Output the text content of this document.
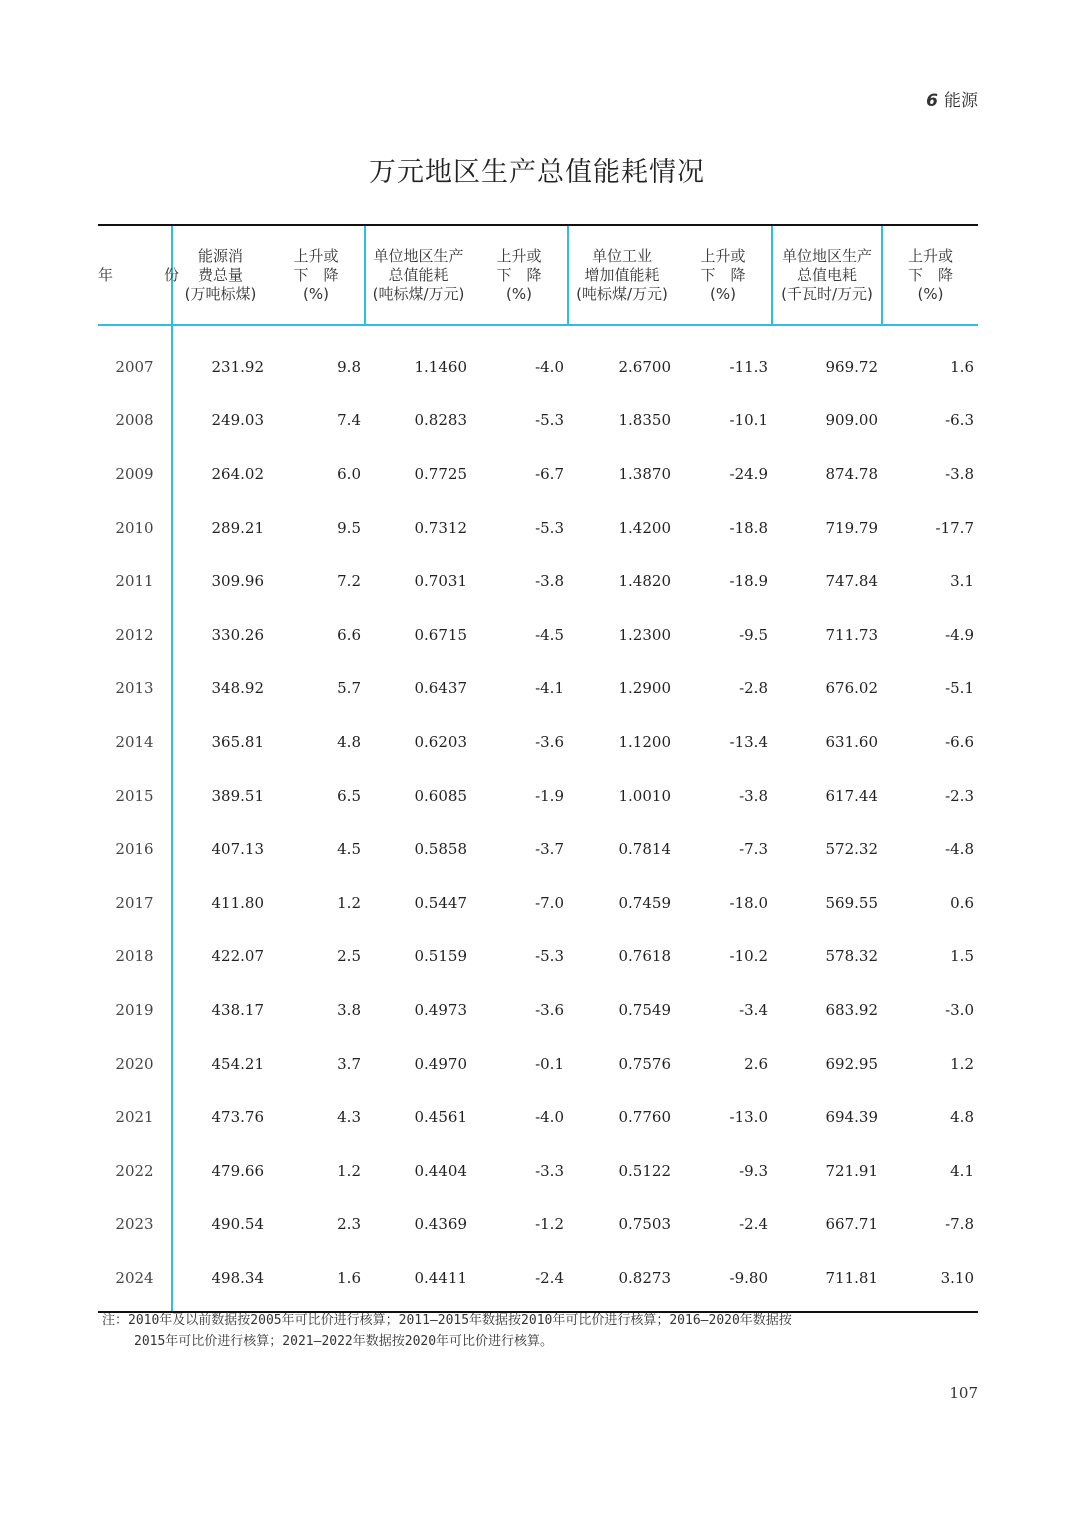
6 能源
万元地区生产总值能耗情况
年　份	能源消
费总量
(万吨标煤)	上升或
下　降
(%)	单位地区生产
总值能耗
(吨标煤/万元)	上升或
下　降
(%)	单位工业
增加值能耗
(吨标煤/万元)	上升或
下　降
(%)	单位地区生产
总值电耗
(千瓦时/万元)	上升或
下　降
(%)

2007	231.92	9.8	1.1460	-4.0	2.6700	-11.3	969.72	1.6
2008	249.03	7.4	0.8283	-5.3	1.8350	-10.1	909.00	-6.3
2009	264.02	6.0	0.7725	-6.7	1.3870	-24.9	874.78	-3.8
2010	289.21	9.5	0.7312	-5.3	1.4200	-18.8	719.79	-17.7
2011	309.96	7.2	0.7031	-3.8	1.4820	-18.9	747.84	3.1
2012	330.26	6.6	0.6715	-4.5	1.2300	-9.5	711.73	-4.9
2013	348.92	5.7	0.6437	-4.1	1.2900	-2.8	676.02	-5.1
2014	365.81	4.8	0.6203	-3.6	1.1200	-13.4	631.60	-6.6
2015	389.51	6.5	0.6085	-1.9	1.0010	-3.8	617.44	-2.3
2016	407.13	4.5	0.5858	-3.7	0.7814	-7.3	572.32	-4.8
2017	411.80	1.2	0.5447	-7.0	0.7459	-18.0	569.55	0.6
2018	422.07	2.5	0.5159	-5.3	0.7618	-10.2	578.32	1.5
2019	438.17	3.8	0.4973	-3.6	0.7549	-3.4	683.92	-3.0
2020	454.21	3.7	0.4970	-0.1	0.7576	2.6	692.95	1.2
2021	473.76	4.3	0.4561	-4.0	0.7760	-13.0	694.39	4.8
2022	479.66	1.2	0.4404	-3.3	0.5122	-9.3	721.91	4.1
2023	490.54	2.3	0.4369	-1.2	0.7503	-2.4	667.71	-7.8
2024	498.34	1.6	0.4411	-2.4	0.8273	-9.80	711.81	3.10
注：2010年及以前数据按2005年可比价进行核算；2011—2015年数据按2010年可比价进行核算；2016—2020年数据按
2015年可比价进行核算；2021—2022年数据按2020年可比价进行核算。
107
